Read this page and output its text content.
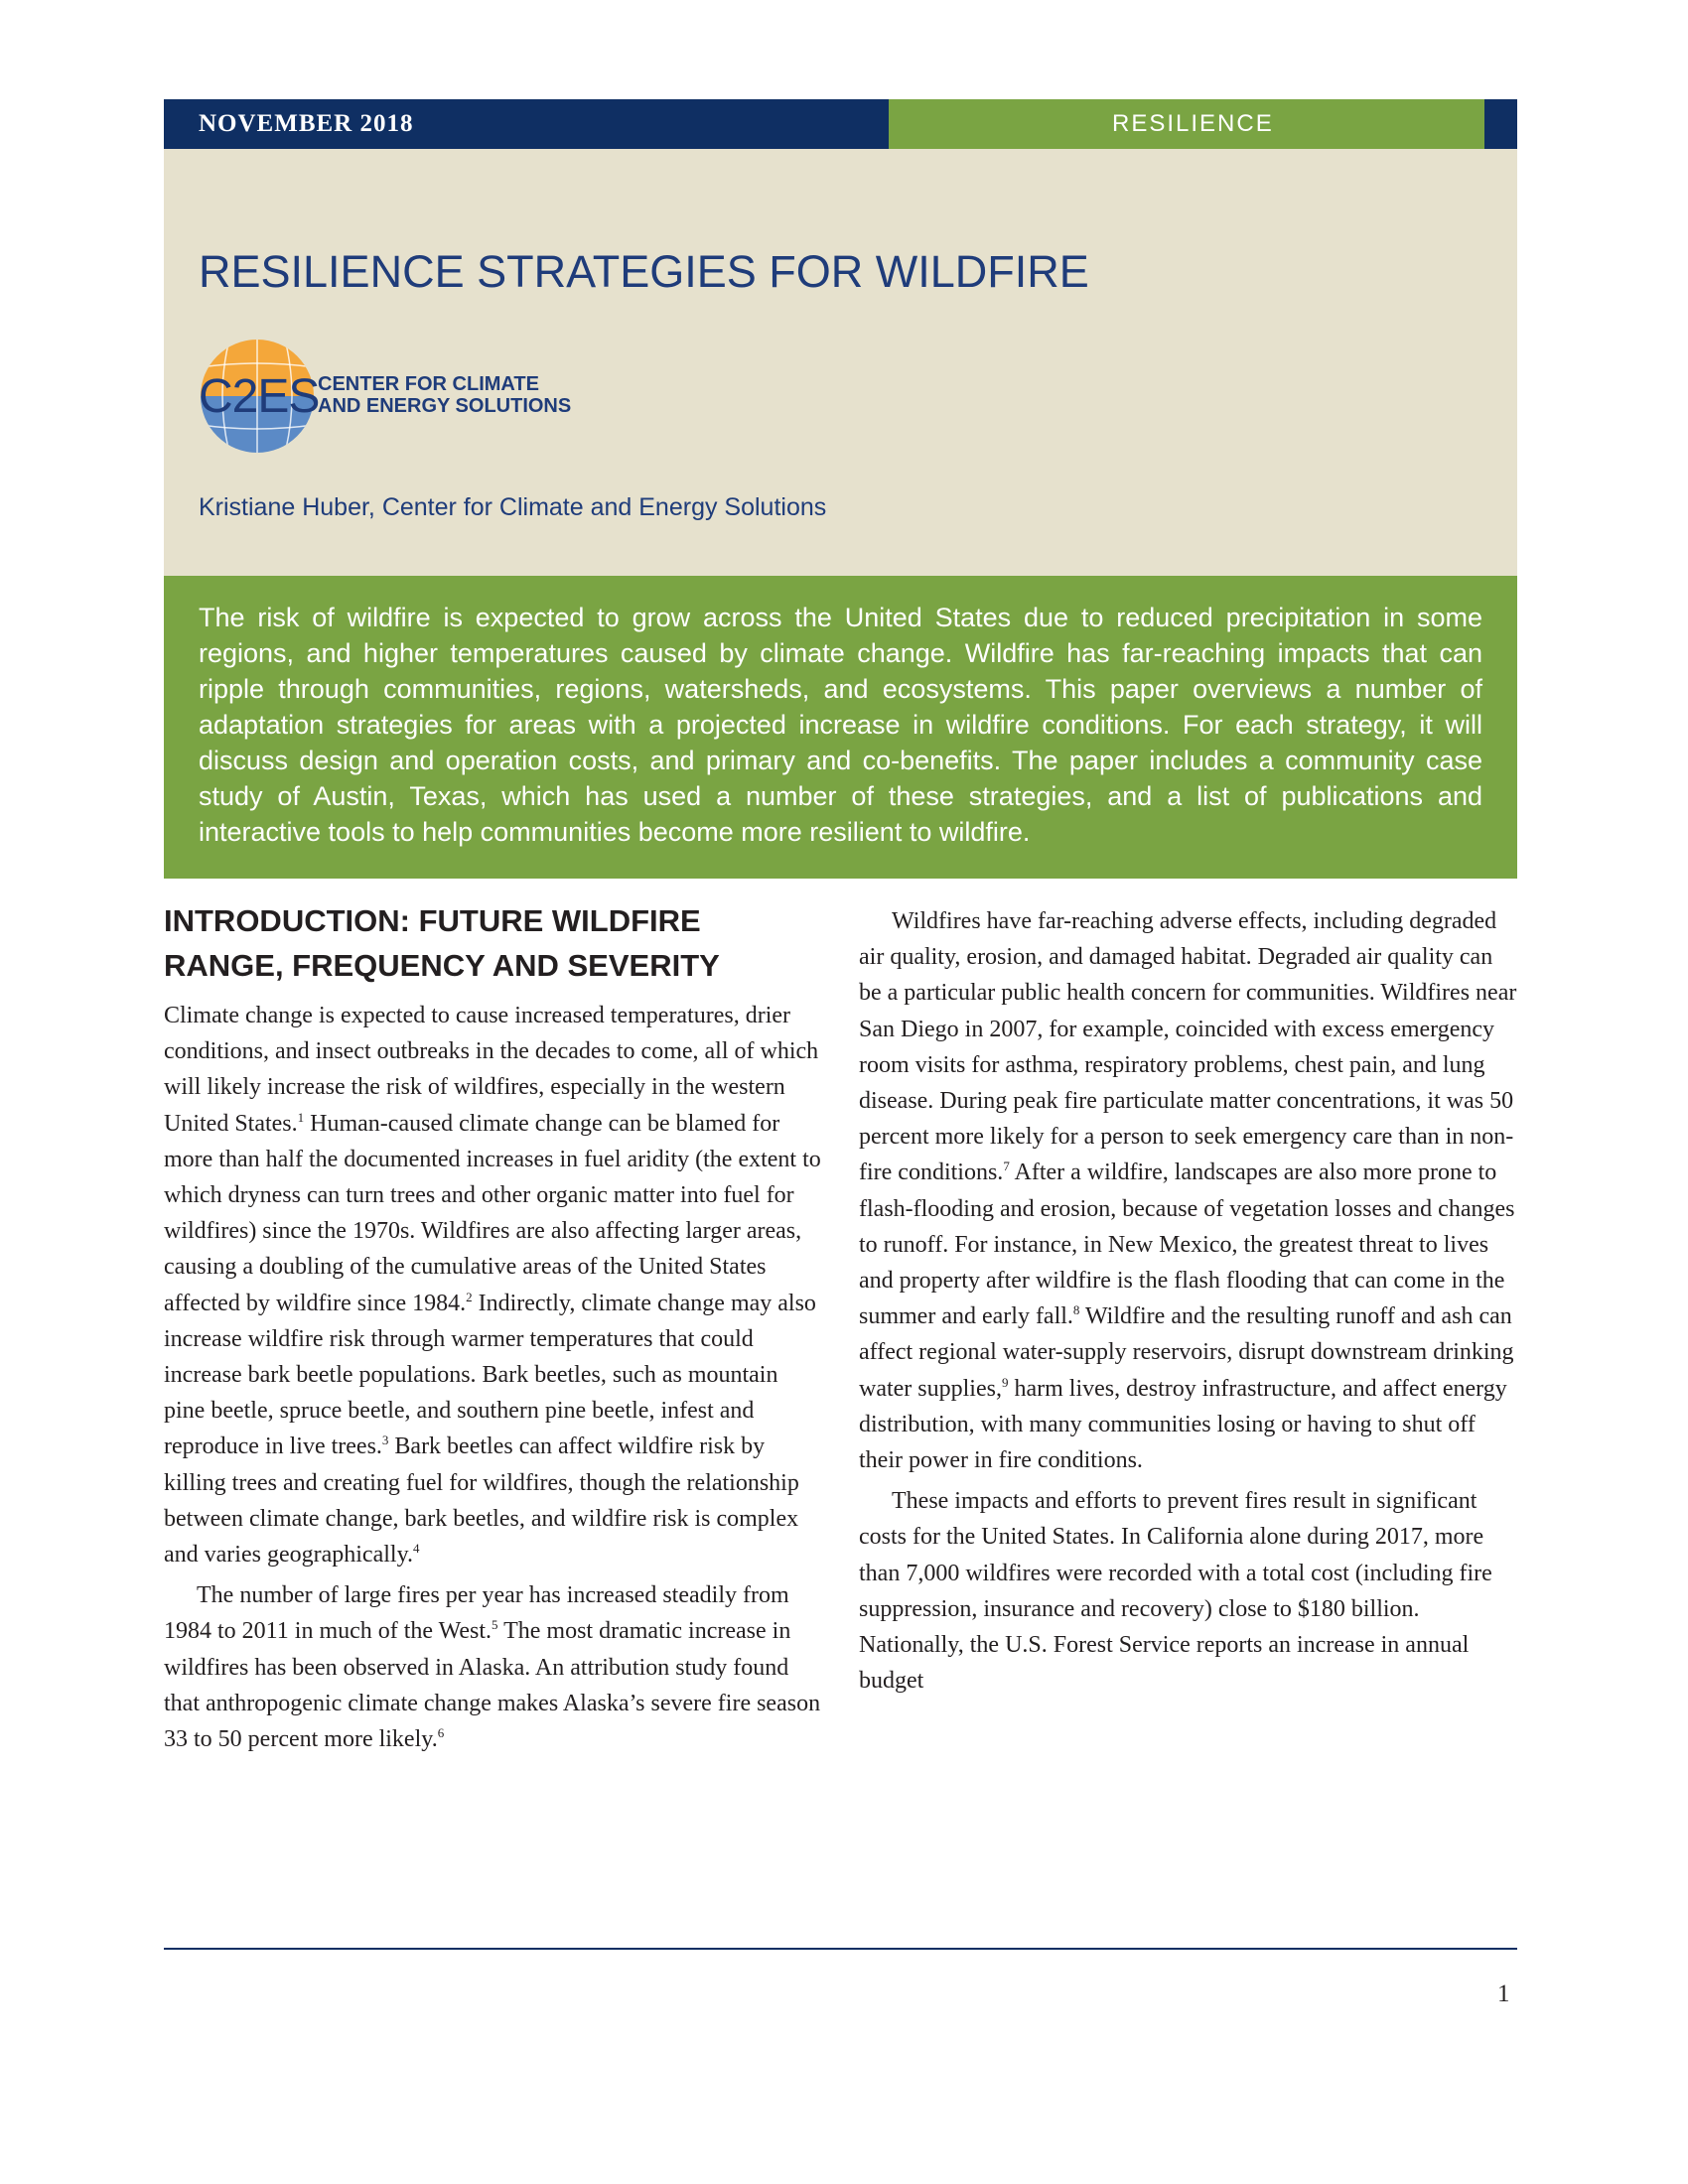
NOVEMBER 2018	RESILIENCE
RESILIENCE STRATEGIES FOR WILDFIRE
C2ES
CENTER FOR CLIMATE
AND ENERGY SOLUTIONS
Kristiane Huber, Center for Climate and Energy Solutions

The risk of wildfire is expected to grow across the United States due to reduced precipitation in some regions, and higher temperatures caused by climate change. Wildfire has far-reaching impacts that can ripple through communities, regions, watersheds, and ecosystems. This paper overviews a number of adaptation strategies for areas with a projected increase in wildfire conditions. For each strategy, it will discuss design and operation costs, and primary and co-benefits. The paper includes a community case study of Austin, Texas, which has used a number of these strategies, and a list of publications and interactive tools to help communities become more resilient to wildfire.

INTRODUCTION: FUTURE WILDFIRE
RANGE, FREQUENCY AND SEVERITY

Climate change is expected to cause increased temperatures, drier conditions, and insect outbreaks in the decades to come, all of which will likely increase the risk of wildfires, especially in the western United States.$^1$ Human-caused climate change can be blamed for more than half the documented increases in fuel aridity (the extent to which dryness can turn trees and other organic matter into fuel for wildfires) since the 1970s. Wildfires are also affecting larger areas, causing a doubling of the cumulative areas of the United States affected by wildfire since 1984.$^2$ Indirectly, climate change may also increase wildfire risk through warmer temperatures that could increase bark beetle populations. Bark beetles, such as mountain pine beetle, spruce beetle, and southern pine beetle, infest and reproduce in live trees.$^3$ Bark beetles can affect wildfire risk by killing trees and creating fuel for wildfires, though the relationship between climate change, bark beetles, and wildfire risk is complex and varies geographically.$^4$

The number of large fires per year has increased steadily from 1984 to 2011 in much of the West.$^5$ The most dramatic increase in wildfires has been observed in Alaska. An attribution study found that anthropogenic climate change makes Alaska’s severe fire season 33 to 50 percent more likely.$^6$

Wildfires have far-reaching adverse effects, including degraded air quality, erosion, and damaged habitat. Degraded air quality can be a particular public health concern for communities. Wildfires near San Diego in 2007, for example, coincided with excess emergency room visits for asthma, respiratory problems, chest pain, and lung disease. During peak fire particulate matter concentrations, it was 50 percent more likely for a person to seek emergency care than in non-fire conditions.$^7$ After a wildfire, landscapes are also more prone to flash-flooding and erosion, because of vegetation losses and changes to runoff. For instance, in New Mexico, the greatest threat to lives and property after wildfire is the flash flooding that can come in the summer and early fall.$^8$ Wildfire and the resulting runoff and ash can affect regional water-supply reservoirs, disrupt downstream drinking water supplies,$^9$ harm lives, destroy infrastructure, and affect energy distribution, with many communities losing or having to shut off their power in fire conditions.

These impacts and efforts to prevent fires result in significant costs for the United States. In California alone during 2017, more than 7,000 wildfires were recorded with a total cost (including fire suppression, insurance and recovery) close to $180 billion. Nationally, the U.S. Forest Service reports an increase in annual budget

1
